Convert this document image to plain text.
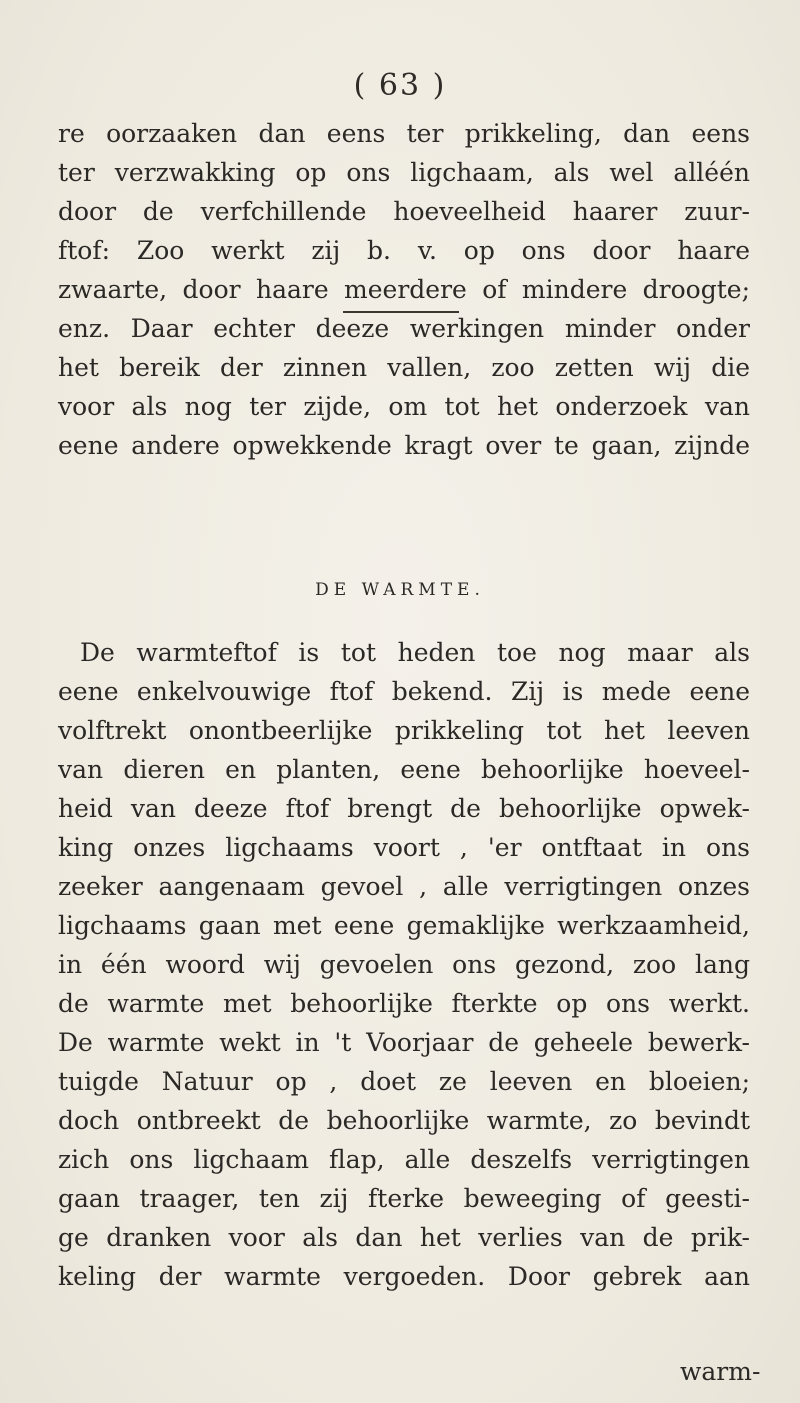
( 63 )
re oorzaaken dan eens ter prikkeling, dan eens
ter verzwakking op ons ligchaam, als wel alléén
door de verfchillende hoeveelheid haarer zuur-
ftof: Zoo werkt zij b. v. op ons door haare
zwaarte, door haare meerdere of mindere droogte;
enz. Daar echter deeze werkingen minder onder
het bereik der zinnen vallen, zoo zetten wij die
voor als nog ter zijde, om tot het onderzoek van
eene andere opwekkende kragt over te gaan, zijnde
DE WARMTE.
De warmteftof is tot heden toe nog maar als
eene enkelvouwige ftof bekend. Zij is mede eene
volftrekt onontbeerlijke prikkeling tot het leeven
van dieren en planten, eene behoorlijke hoeveel-
heid van deeze ftof brengt de behoorlijke opwek-
king onzes ligchaams voort , 'er ontftaat in ons
zeeker aangenaam gevoel , alle verrigtingen onzes
ligchaams gaan met eene gemaklijke werkzaamheid,
in één woord wij gevoelen ons gezond, zoo lang
de warmte met behoorlijke fterkte op ons werkt.
De warmte wekt in 't Voorjaar de geheele bewerk-
tuigde Natuur op , doet ze leeven en bloeien;
doch ontbreekt de behoorlijke warmte, zo bevindt
zich ons ligchaam flap, alle deszelfs verrigtingen
gaan traager, ten zij fterke beweeging of geesti-
ge dranken voor als dan het verlies van de prik-
keling der warmte vergoeden. Door gebrek aan
warm-
